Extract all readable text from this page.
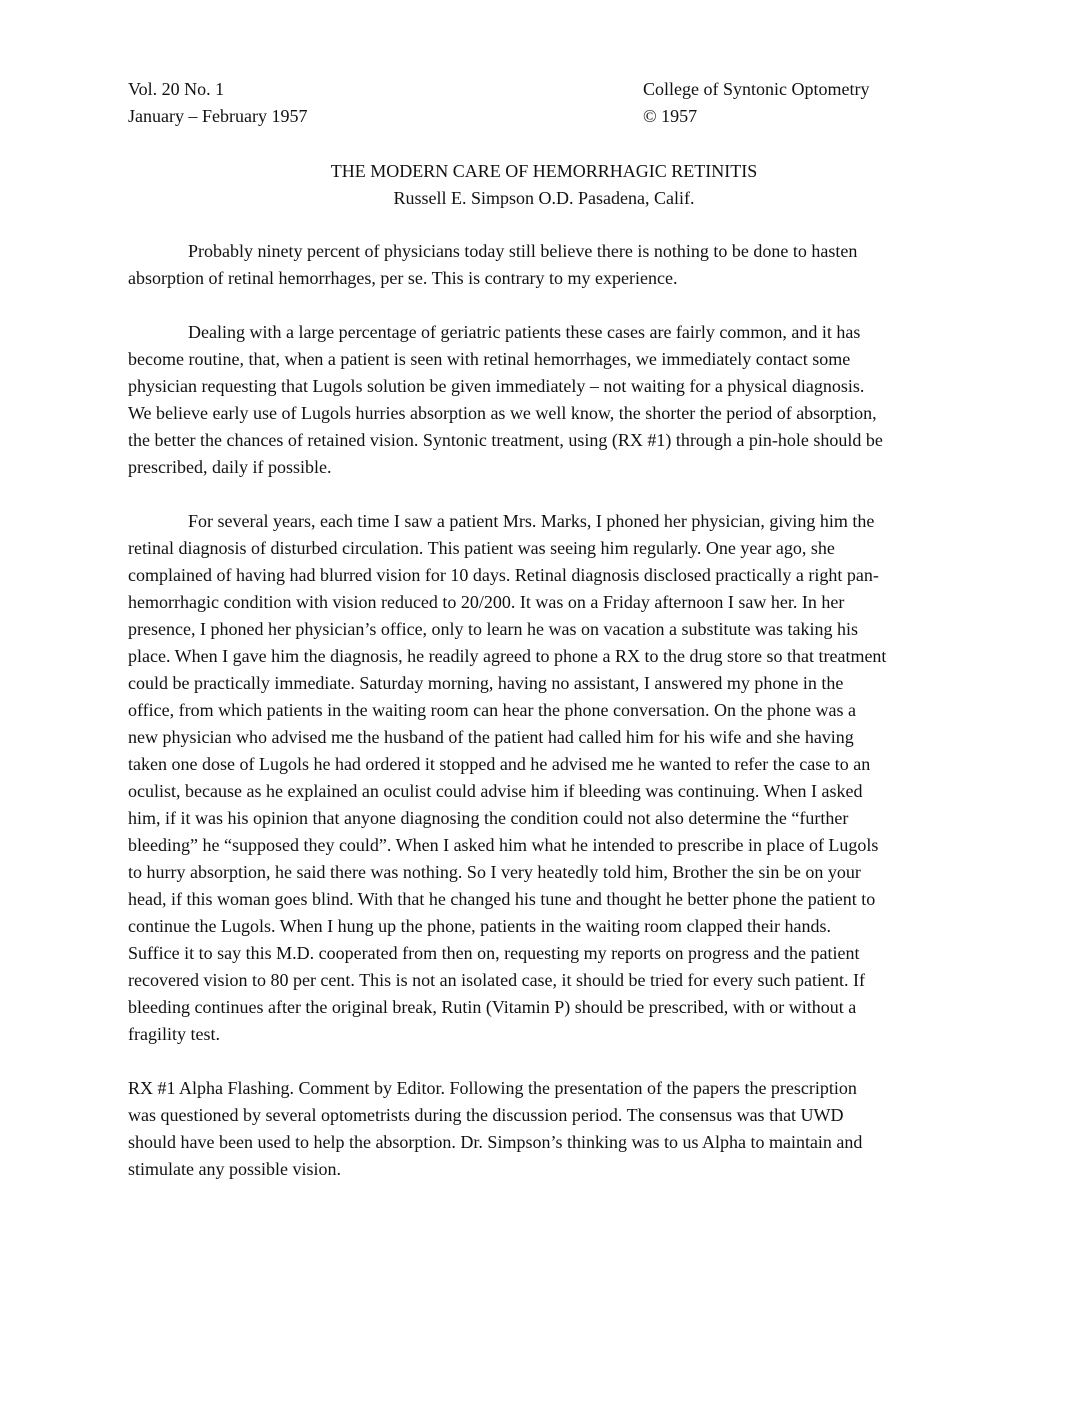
Vol. 20 No. 1
January – February 1957
College of Syntonic Optometry
© 1957
THE MODERN CARE OF HEMORRHAGIC RETINITIS
Russell E. Simpson O.D. Pasadena, Calif.

Probably ninety percent of physicians today still believe there is nothing to be done to hasten
absorption of retinal hemorrhages, per se. This is contrary to my experience.

Dealing with a large percentage of geriatric patients these cases are fairly common, and it has
become routine, that, when a patient is seen with retinal hemorrhages, we immediately contact some
physician requesting that Lugols solution be given immediately – not waiting for a physical diagnosis.
We believe early use of Lugols hurries absorption as we well know, the shorter the period of absorption,
the better the chances of retained vision. Syntonic treatment, using (RX #1) through a pin-hole should be
prescribed, daily if possible.

For several years, each time I saw a patient Mrs. Marks, I phoned her physician, giving him the
retinal diagnosis of disturbed circulation. This patient was seeing him regularly. One year ago, she
complained of having had blurred vision for 10 days. Retinal diagnosis disclosed practically a right pan-
hemorrhagic condition with vision reduced to 20/200. It was on a Friday afternoon I saw her. In her
presence, I phoned her physician’s office, only to learn he was on vacation a substitute was taking his
place. When I gave him the diagnosis, he readily agreed to phone a RX to the drug store so that treatment
could be practically immediate. Saturday morning, having no assistant, I answered my phone in the
office, from which patients in the waiting room can hear the phone conversation. On the phone was a
new physician who advised me the husband of the patient had called him for his wife and she having
taken one dose of Lugols he had ordered it stopped and he advised me he wanted to refer the case to an
oculist, because as he explained an oculist could advise him if bleeding was continuing. When I asked
him, if it was his opinion that anyone diagnosing the condition could not also determine the “further
bleeding” he “supposed they could”. When I asked him what he intended to prescribe in place of Lugols
to hurry absorption, he said there was nothing. So I very heatedly told him, Brother the sin be on your
head, if this woman goes blind. With that he changed his tune and thought he better phone the patient to
continue the Lugols. When I hung up the phone, patients in the waiting room clapped their hands.
Suffice it to say this M.D. cooperated from then on, requesting my reports on progress and the patient
recovered vision to 80 per cent. This is not an isolated case, it should be tried for every such patient. If
bleeding continues after the original break, Rutin (Vitamin P) should be prescribed, with or without a
fragility test.

RX #1 Alpha Flashing. Comment by Editor. Following the presentation of the papers the prescription
was questioned by several optometrists during the discussion period. The consensus was that UWD
should have been used to help the absorption. Dr. Simpson’s thinking was to us Alpha to maintain and
stimulate any possible vision.
